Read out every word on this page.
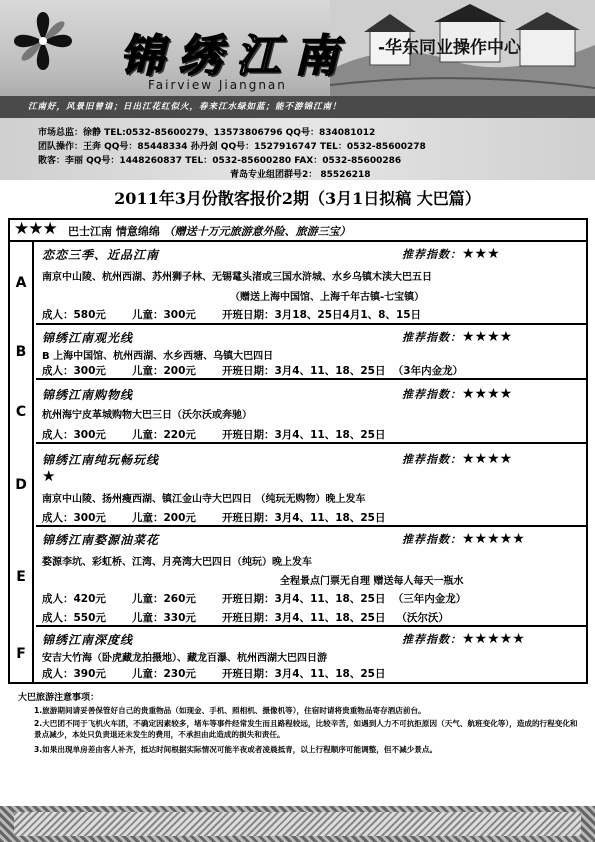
锦绣江南
Fairview Jiangnan
-华东同业操作中心
江南好，风景旧曾谙；日出江花红似火，春来江水绿如蓝；能不游锦江南！
市场总监：徐静 TEL:0532-85600279、13573806796 QQ号：834081012
团队操作：王奔 QQ号：85448334 孙丹剑 QQ号：1527916747 TEL：0532-85600278
散客：李丽 QQ号：1448260837 TEL：0532-85600280 FAX：0532-85600286
青岛专业组团群号2： 85526218
2011年3月份散客报价2期（3月1日拟稿 大巴篇）
★★★ 巴士江南 情意绵绵 （赠送十万元旅游意外险、旅游三宝）
A
恋恋三季、近品江南	推荐指数：★★★
南京中山陵、杭州西湖、苏州狮子林、无锡鼋头渚或三国水浒城、水乡乌镇木渎大巴五日
（赠送上海中国馆、上海千年古镇-七宝镇）
成人：580元 儿童：300元 开班日期：3月18、25日4月1、8、15日
B
锦绣江南观光线	推荐指数：★★★★
B 上海中国馆、杭州西湖、水乡西塘、乌镇大巴四日
成人：300元 儿童：200元 开班日期：3月4、11、18、25日 （3年内金龙）
C
锦绣江南购物线	推荐指数：★★★★
杭州海宁皮革城购物大巴三日（沃尔沃或奔驰）
成人：300元 儿童：220元 开班日期：3月4、11、18、25日
D
锦绣江南纯玩畅玩线	推荐指数：★★★★
★
南京中山陵、扬州瘦西湖、镇江金山寺大巴四日 （纯玩无购物）晚上发车
成人：300元 儿童：200元 开班日期：3月4、11、18、25日
E
锦绣江南婺源油菜花	推荐指数：★★★★★
婺源李坑、彩虹桥、江湾、月亮湾大巴四日（纯玩）晚上发车
全程景点门票无自理 赠送每人每天一瓶水
成人：420元 儿童：260元 开班日期：3月4、11、18、25日 （三年内金龙）
成人：550元 儿童：330元 开班日期：3月4、11、18、25日 （沃尔沃）
F
锦绣江南深度线	推荐指数：★★★★★
安吉大竹海（卧虎藏龙拍摄地）、藏龙百瀑、杭州西湖大巴四日游
成人：390元 儿童：230元 开班日期：3月4、11、18、25日
大巴旅游注意事项：
1.旅游期间请妥善保管好自己的贵重物品（如现金、手机、照相机、摄像机等），住宿时请将贵重物品寄存酒店前台。
2.大巴团不同于飞机火车团，不确定因素较多，堵车等事件经常发生而且路程较远，比较辛苦，如遇到人力不可抗拒原因（天气、航班变化等），造成的行程变化和景点减少，本处只负责退还未发生的费用，不承担由此造成的损失和责任。
3.如果出现单房差由客人补齐，抵达时间根据实际情况可能半夜或者凌晨抵青，以上行程顺序可能调整，但不减少景点。
